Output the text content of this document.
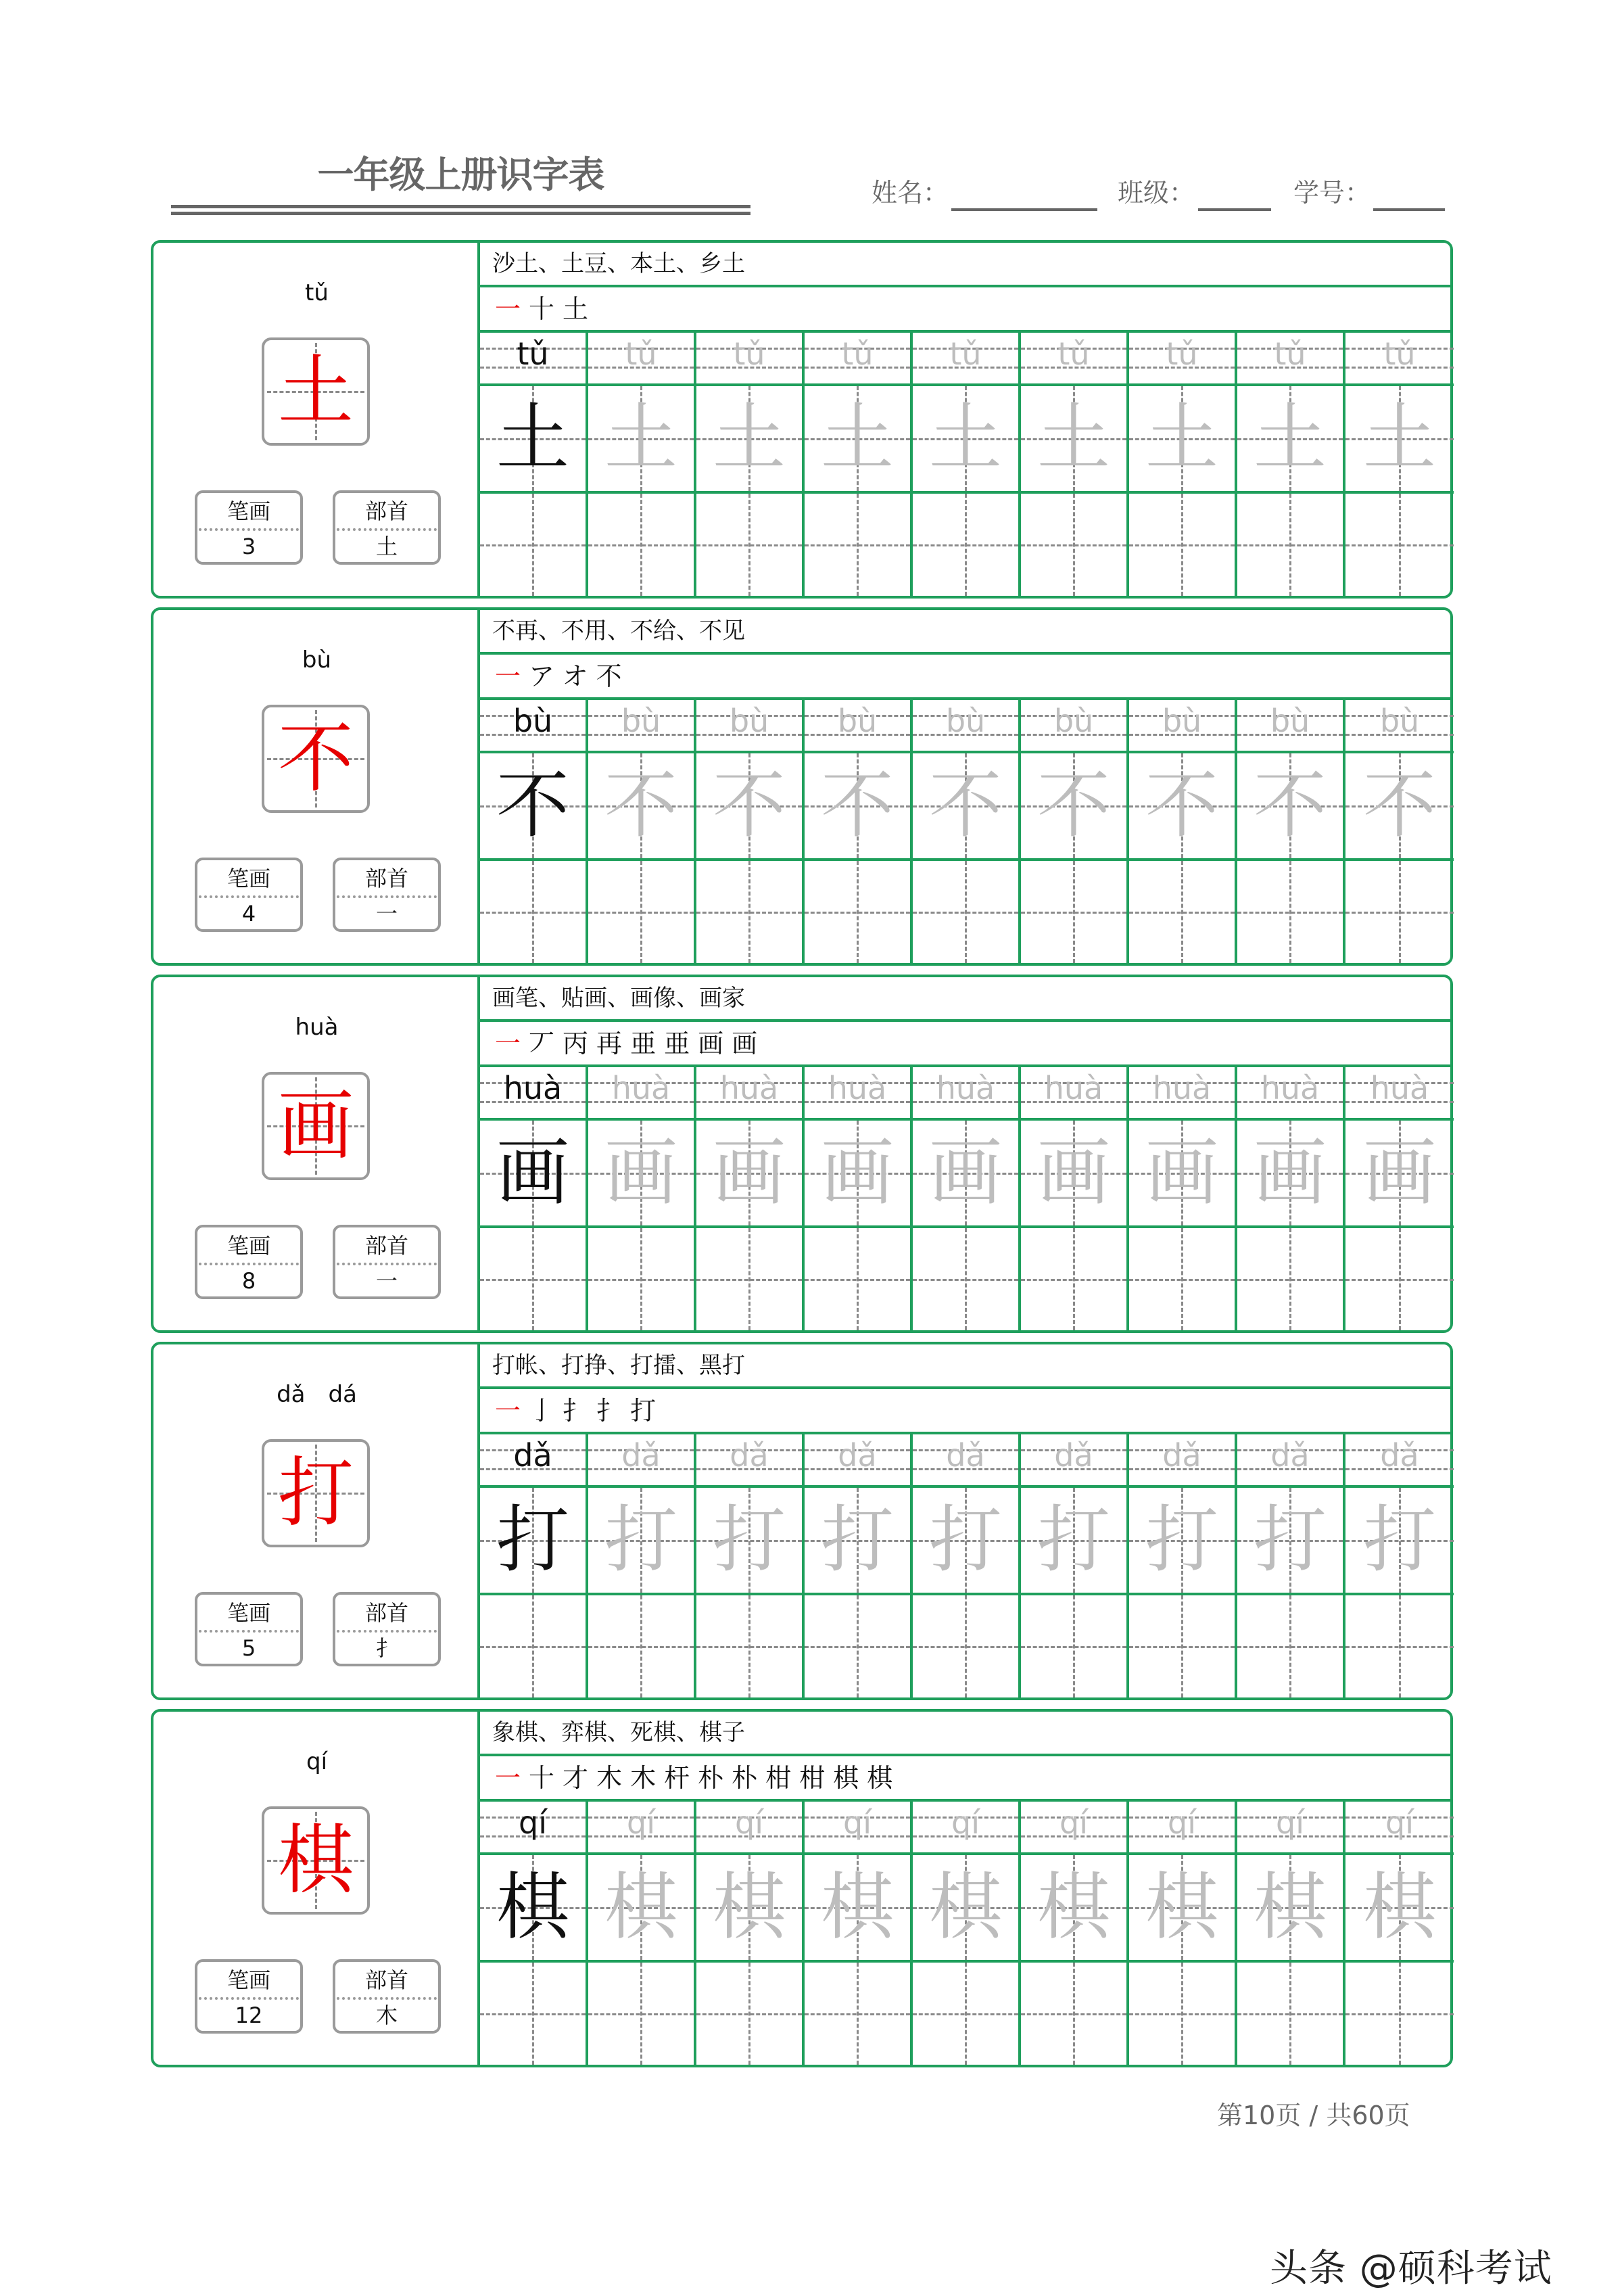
一年级上册识字表	姓名：	班级：	学号：
tǔ
土
笔画
3
部首
土
沙土、土豆、本土、乡土
一十土
tǔ
土
tǔ
土
tǔ
土
tǔ
土
tǔ
土
tǔ
土
tǔ
土
tǔ
土
tǔ
土
bù
不
笔画
4
部首
一
不再、不用、不给、不见
一アオ不
bù
不
bù
不
bù
不
bù
不
bù
不
bù
不
bù
不
bù
不
bù
不
huà
画
笔画
8
部首
一
画笔、贴画、画像、画家
一丆丙再亜亜画画
huà
画
huà
画
huà
画
huà
画
huà
画
huà
画
huà
画
huà
画
huà
画
dǎ　dá
打
笔画
5
部首
扌
打帐、打挣、打擂、黑打
一亅扌扌打
dǎ
打
dǎ
打
dǎ
打
dǎ
打
dǎ
打
dǎ
打
dǎ
打
dǎ
打
dǎ
打
qí
棋
笔画
12
部首
木
象棋、弈棋、死棋、棋子
一十才木木杆朴朴柑柑棋棋
qí
棋
qí
棋
qí
棋
qí
棋
qí
棋
qí
棋
qí
棋
qí
棋
qí
棋
第10页 / 共60页
头条 @硕科考试
